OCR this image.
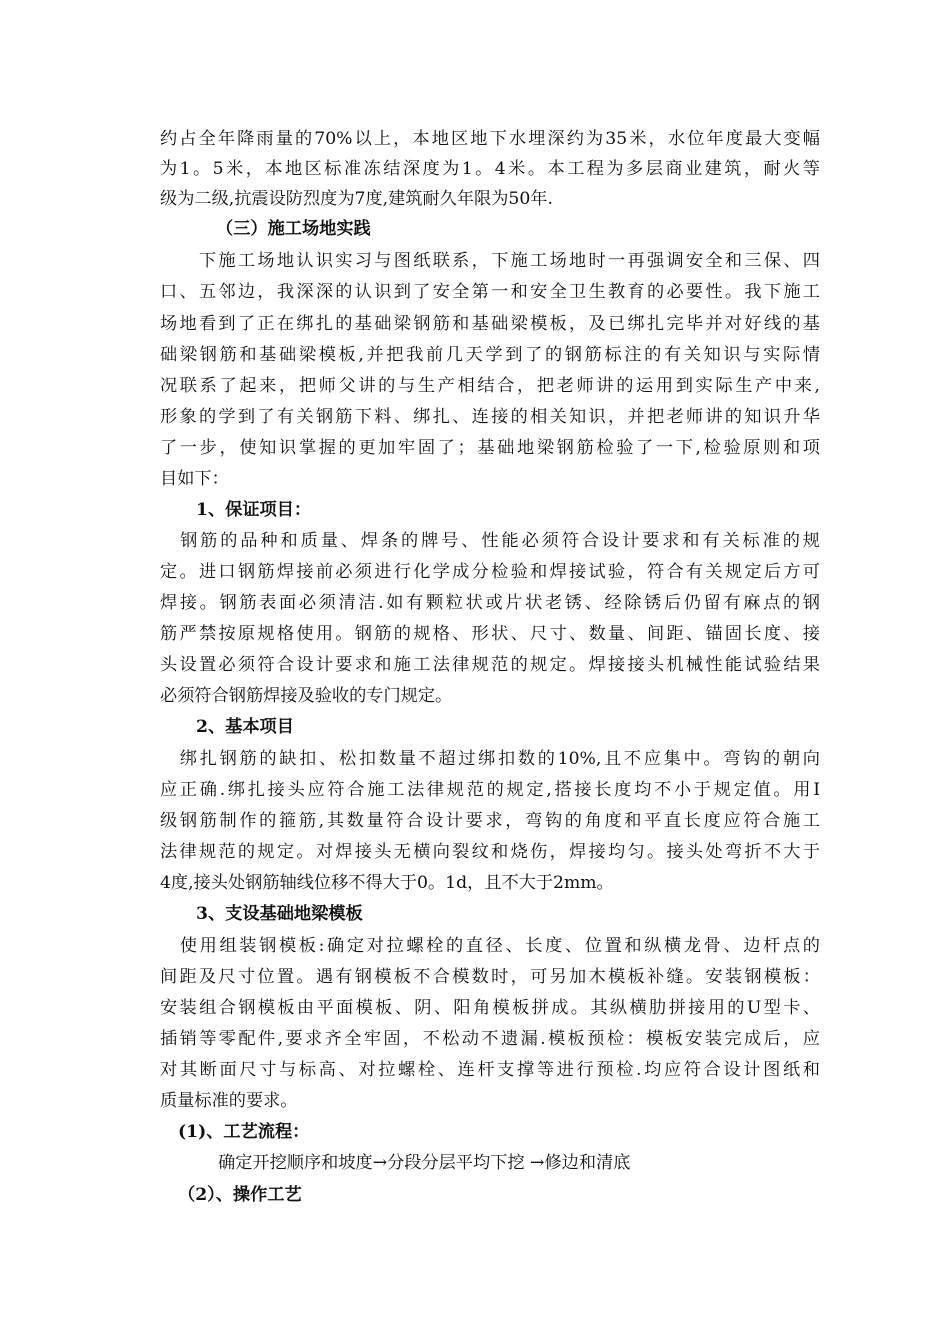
约占全年降雨量的70%以上，本地区地下水埋深约为35米，水位年度最大变幅
为1。5米，本地区标准冻结深度为1。4米。本工程为多层商业建筑，耐火等
级为二级,抗震设防烈度为7度,建筑耐久年限为50年.
（三）施工场地实践
　　下施工场地认识实习与图纸联系，下施工场地时一再强调安全和三保、四
口、五邻边，我深深的认识到了安全第一和安全卫生教育的必要性。我下施工
场地看到了正在绑扎的基础梁钢筋和基础梁模板，及已绑扎完毕并对好线的基
础梁钢筋和基础梁模板,并把我前几天学到了的钢筋标注的有关知识与实际情
况联系了起来，把师父讲的与生产相结合，把老师讲的运用到实际生产中来,
形象的学到了有关钢筋下料、绑扎、连接的相关知识，并把老师讲的知识升华
了一步，使知识掌握的更加牢固了；基础地梁钢筋检验了一下,检验原则和项
目如下：
1、保证项目：
　钢筋的品种和质量、焊条的牌号、性能必须符合设计要求和有关标准的规
定。进口钢筋焊接前必须进行化学成分检验和焊接试验，符合有关规定后方可
焊接。钢筋表面必须清洁.如有颗粒状或片状老锈、经除锈后仍留有麻点的钢
筋严禁按原规格使用。钢筋的规格、形状、尺寸、数量、间距、锚固长度、接
头设置必须符合设计要求和施工法律规范的规定。焊接接头机械性能试验结果
必须符合钢筋焊接及验收的专门规定。
2、基本项目
　绑扎钢筋的缺扣、松扣数量不超过绑扣数的10%,且不应集中。弯钩的朝向
应正确.绑扎接头应符合施工法律规范的规定,搭接长度均不小于规定值。用I
级钢筋制作的箍筋,其数量符合设计要求，弯钩的角度和平直长度应符合施工
法律规范的规定。对焊接头无横向裂纹和烧伤，焊接均匀。接头处弯折不大于
4度,接头处钢筋轴线位移不得大于0。1d，且不大于2mm。
3、支设基础地梁模板
　使用组装钢模板:确定对拉螺栓的直径、长度、位置和纵横龙骨、边杆点的
间距及尺寸位置。遇有钢模板不合模数时，可另加木模板补缝。安装钢模板：
安装组合钢模板由平面模板、阴、阳角模板拼成。其纵横肋拼接用的U型卡、
插销等零配件,要求齐全牢固，不松动不遗漏.模板预检：模板安装完成后，应
对其断面尺寸与标高、对拉螺栓、连杆支撑等进行预检.均应符合设计图纸和
质量标准的要求。
(1)、工艺流程：
确定开挖顺序和坡度→分段分层平均下挖 →修边和清底
（2）、操作工艺
